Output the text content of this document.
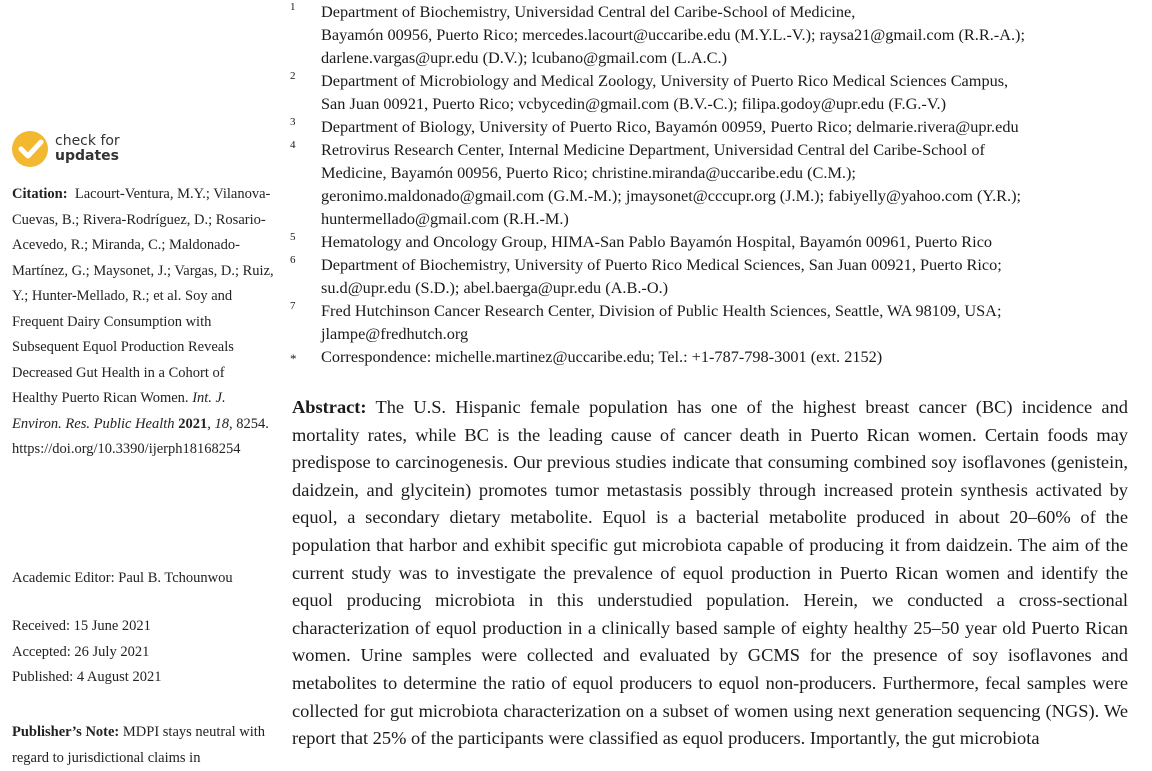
check for
updates
Citation: Lacourt-Ventura, M.Y.; Vilanova-Cuevas, B.; Rivera-Rodríguez, D.; Rosario-Acevedo, R.; Miranda, C.; Maldonado-Martínez, G.; Maysonet, J.; Vargas, D.; Ruiz, Y.; Hunter-Mellado, R.; et al. Soy and Frequent Dairy Consumption with Subsequent Equol Production Reveals Decreased Gut Health in a Cohort of Healthy Puerto Rican Women. Int. J. Environ. Res. Public Health 2021, 18, 8254.  https://doi.org/10.3390/ijerph18168254
Academic Editor: Paul B. Tchounwou
Received: 15 June 2021
Accepted: 26 July 2021
Published: 4 August 2021
Publisher’s Note: MDPI stays neutral with regard to jurisdictional claims in
1 Department of Biochemistry, Universidad Central del Caribe-School of Medicine,
Bayamón 00956, Puerto Rico; mercedes.lacourt@uccaribe.edu (M.Y.L.-V.); raysa21@gmail.com (R.R.-A.);
darlene.vargas@upr.edu (D.V.); lcubano@gmail.com (L.A.C.)
2 Department of Microbiology and Medical Zoology, University of Puerto Rico Medical Sciences Campus,
San Juan 00921, Puerto Rico; vcbycedin@gmail.com (B.V.-C.); filipa.godoy@upr.edu (F.G.-V.)
3 Department of Biology, University of Puerto Rico, Bayamón 00959, Puerto Rico; delmarie.rivera@upr.edu
4 Retrovirus Research Center, Internal Medicine Department, Universidad Central del Caribe-School of
Medicine, Bayamón 00956, Puerto Rico; christine.miranda@uccaribe.edu (C.M.);
geronimo.maldonado@gmail.com (G.M.-M.); jmaysonet@cccupr.org (J.M.); fabiyelly@yahoo.com (Y.R.);
huntermellado@gmail.com (R.H.-M.)
5 Hematology and Oncology Group, HIMA-San Pablo Bayamón Hospital, Bayamón 00961, Puerto Rico
6 Department of Biochemistry, University of Puerto Rico Medical Sciences, San Juan 00921, Puerto Rico;
su.d@upr.edu (S.D.); abel.baerga@upr.edu (A.B.-O.)
7 Fred Hutchinson Cancer Research Center, Division of Public Health Sciences, Seattle, WA 98109, USA;
jlampe@fredhutch.org
* Correspondence: michelle.martinez@uccaribe.edu; Tel.: +1-787-798-3001 (ext. 2152)
Abstract: The U.S. Hispanic female population has one of the highest breast cancer (BC) incidence and mortality rates, while BC is the leading cause of cancer death in Puerto Rican women. Certain foods may predispose to carcinogenesis. Our previous studies indicate that consuming combined soy isoflavones (genistein, daidzein, and glycitein) promotes tumor metastasis possibly through increased protein synthesis activated by equol, a secondary dietary metabolite. Equol is a bacterial metabolite produced in about 20–60% of the population that harbor and exhibit specific gut microbiota capable of producing it from daidzein. The aim of the current study was to investigate the prevalence of equol production in Puerto Rican women and identify the equol producing microbiota in this understudied population. Herein, we conducted a cross-sectional characterization of equol production in a clinically based sample of eighty healthy 25–50 year old Puerto Rican women. Urine samples were collected and evaluated by GCMS for the presence of soy isoflavones and metabolites to determine the ratio of equol producers to equol non-producers. Furthermore, fecal samples were collected for gut microbiota characterization on a subset of women using next generation sequencing (NGS). We report that 25% of the participants were classified as equol producers. Importantly, the gut microbiota
